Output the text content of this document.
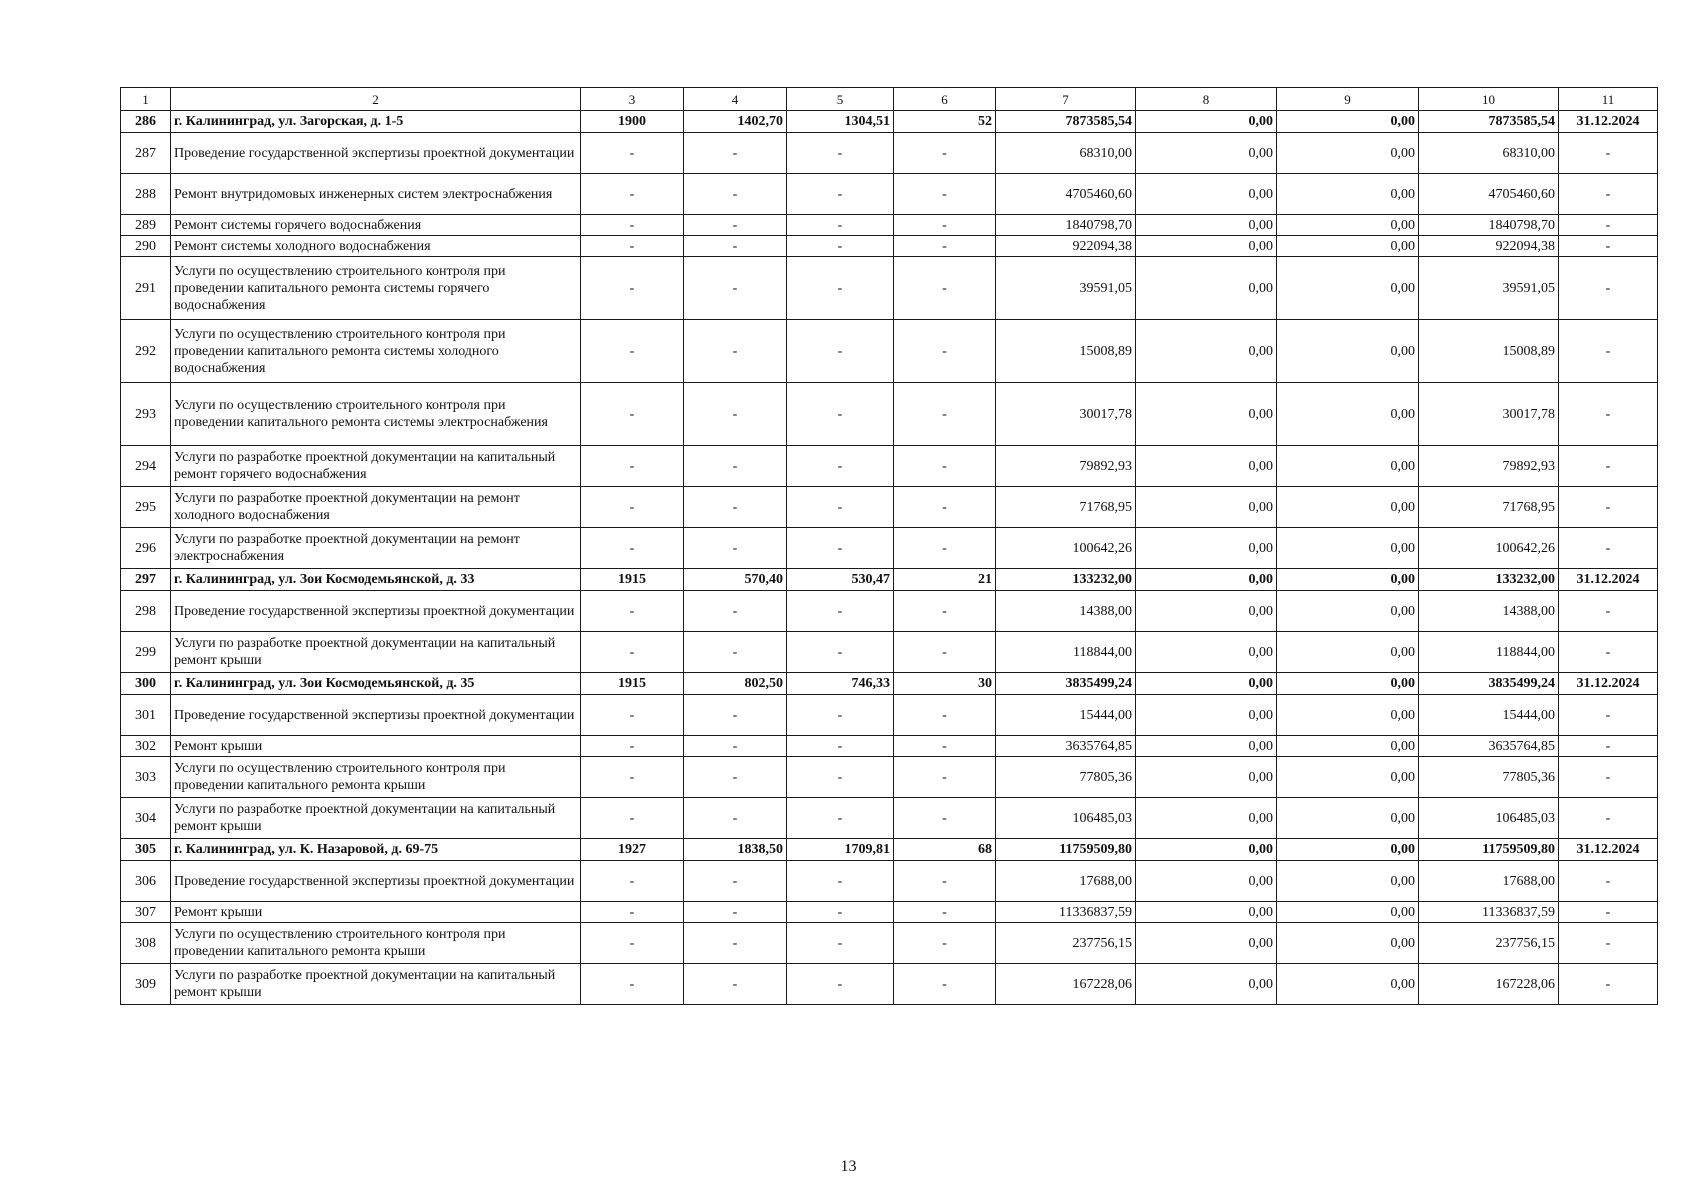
1	2	3	4	5	6	7	8	9	10	11
286	г. Калининград, ул. Загорская, д. 1-5	1900	1402,70	1304,51	52	7873585,54	0,00	0,00	7873585,54	31.12.2024
287	Проведение государственной экспертизы проектной документации	-	-	-	-	68310,00	0,00	0,00	68310,00	-
288	Ремонт внутридомовых инженерных систем электроснабжения	-	-	-	-	4705460,60	0,00	0,00	4705460,60	-
289	Ремонт системы горячего водоснабжения	-	-	-	-	1840798,70	0,00	0,00	1840798,70	-
290	Ремонт системы холодного водоснабжения	-	-	-	-	922094,38	0,00	0,00	922094,38	-
291	Услуги по осуществлению строительного контроля при проведении капитального ремонта системы горячего водоснабжения	-	-	-	-	39591,05	0,00	0,00	39591,05	-
292	Услуги по осуществлению строительного контроля при проведении капитального ремонта системы холодного водоснабжения	-	-	-	-	15008,89	0,00	0,00	15008,89	-
293	Услуги по осуществлению строительного контроля при проведении капитального ремонта системы электроснабжения	-	-	-	-	30017,78	0,00	0,00	30017,78	-
294	Услуги по разработке проектной документации на капитальный ремонт горячего водоснабжения	-	-	-	-	79892,93	0,00	0,00	79892,93	-
295	Услуги по разработке проектной документации на ремонт холодного водоснабжения	-	-	-	-	71768,95	0,00	0,00	71768,95	-
296	Услуги по разработке проектной документации на ремонт электроснабжения	-	-	-	-	100642,26	0,00	0,00	100642,26	-
297	г. Калининград, ул. Зои Космодемьянской, д. 33	1915	570,40	530,47	21	133232,00	0,00	0,00	133232,00	31.12.2024
298	Проведение государственной экспертизы проектной документации	-	-	-	-	14388,00	0,00	0,00	14388,00	-
299	Услуги по разработке проектной документации на капитальный ремонт крыши	-	-	-	-	118844,00	0,00	0,00	118844,00	-
300	г. Калининград, ул. Зои Космодемьянской, д. 35	1915	802,50	746,33	30	3835499,24	0,00	0,00	3835499,24	31.12.2024
301	Проведение государственной экспертизы проектной документации	-	-	-	-	15444,00	0,00	0,00	15444,00	-
302	Ремонт крыши	-	-	-	-	3635764,85	0,00	0,00	3635764,85	-
303	Услуги по осуществлению строительного контроля при проведении капитального ремонта крыши	-	-	-	-	77805,36	0,00	0,00	77805,36	-
304	Услуги по разработке проектной документации на капитальный ремонт крыши	-	-	-	-	106485,03	0,00	0,00	106485,03	-
305	г. Калининград, ул. К. Назаровой, д. 69-75	1927	1838,50	1709,81	68	11759509,80	0,00	0,00	11759509,80	31.12.2024
306	Проведение государственной экспертизы проектной документации	-	-	-	-	17688,00	0,00	0,00	17688,00	-
307	Ремонт крыши	-	-	-	-	11336837,59	0,00	0,00	11336837,59	-
308	Услуги по осуществлению строительного контроля при проведении капитального ремонта крыши	-	-	-	-	237756,15	0,00	0,00	237756,15	-
309	Услуги по разработке проектной документации на капитальный ремонт крыши	-	-	-	-	167228,06	0,00	0,00	167228,06	-
13
